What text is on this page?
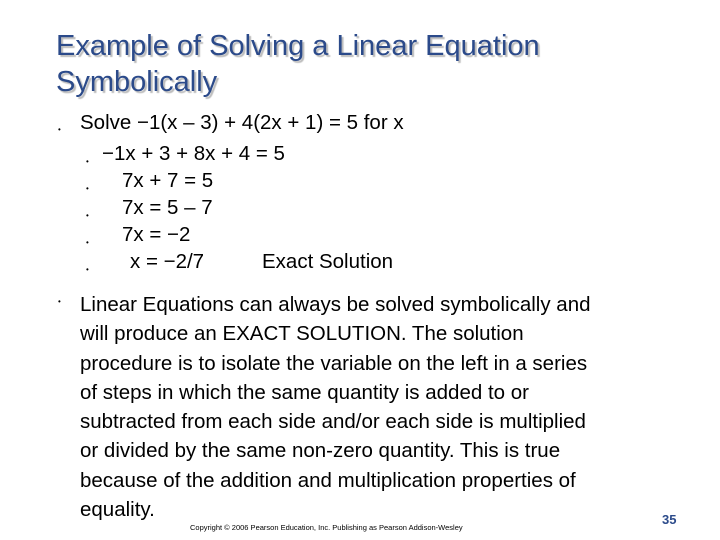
Example of Solving a Linear Equation
Symbolically
• Solve −1(x – 3) + 4(2x + 1) = 5 for x
• −1x + 3 + 8x + 4 = 5
• 7x + 7 = 5
• 7x = 5 – 7
• 7x = −2
• x = −2/7	Exact Solution
• Linear Equations can always be solved symbolically and
will produce an EXACT SOLUTION. The solution
procedure is to isolate the variable on the left in a series
of steps in which the same quantity is added to or
subtracted from each side and/or each side is multiplied
or divided by the same non-zero quantity. This is true
because of the addition and multiplication properties of
equality.
Copyright © 2006 Pearson Education, Inc. Publishing as Pearson Addison-Wesley
35
